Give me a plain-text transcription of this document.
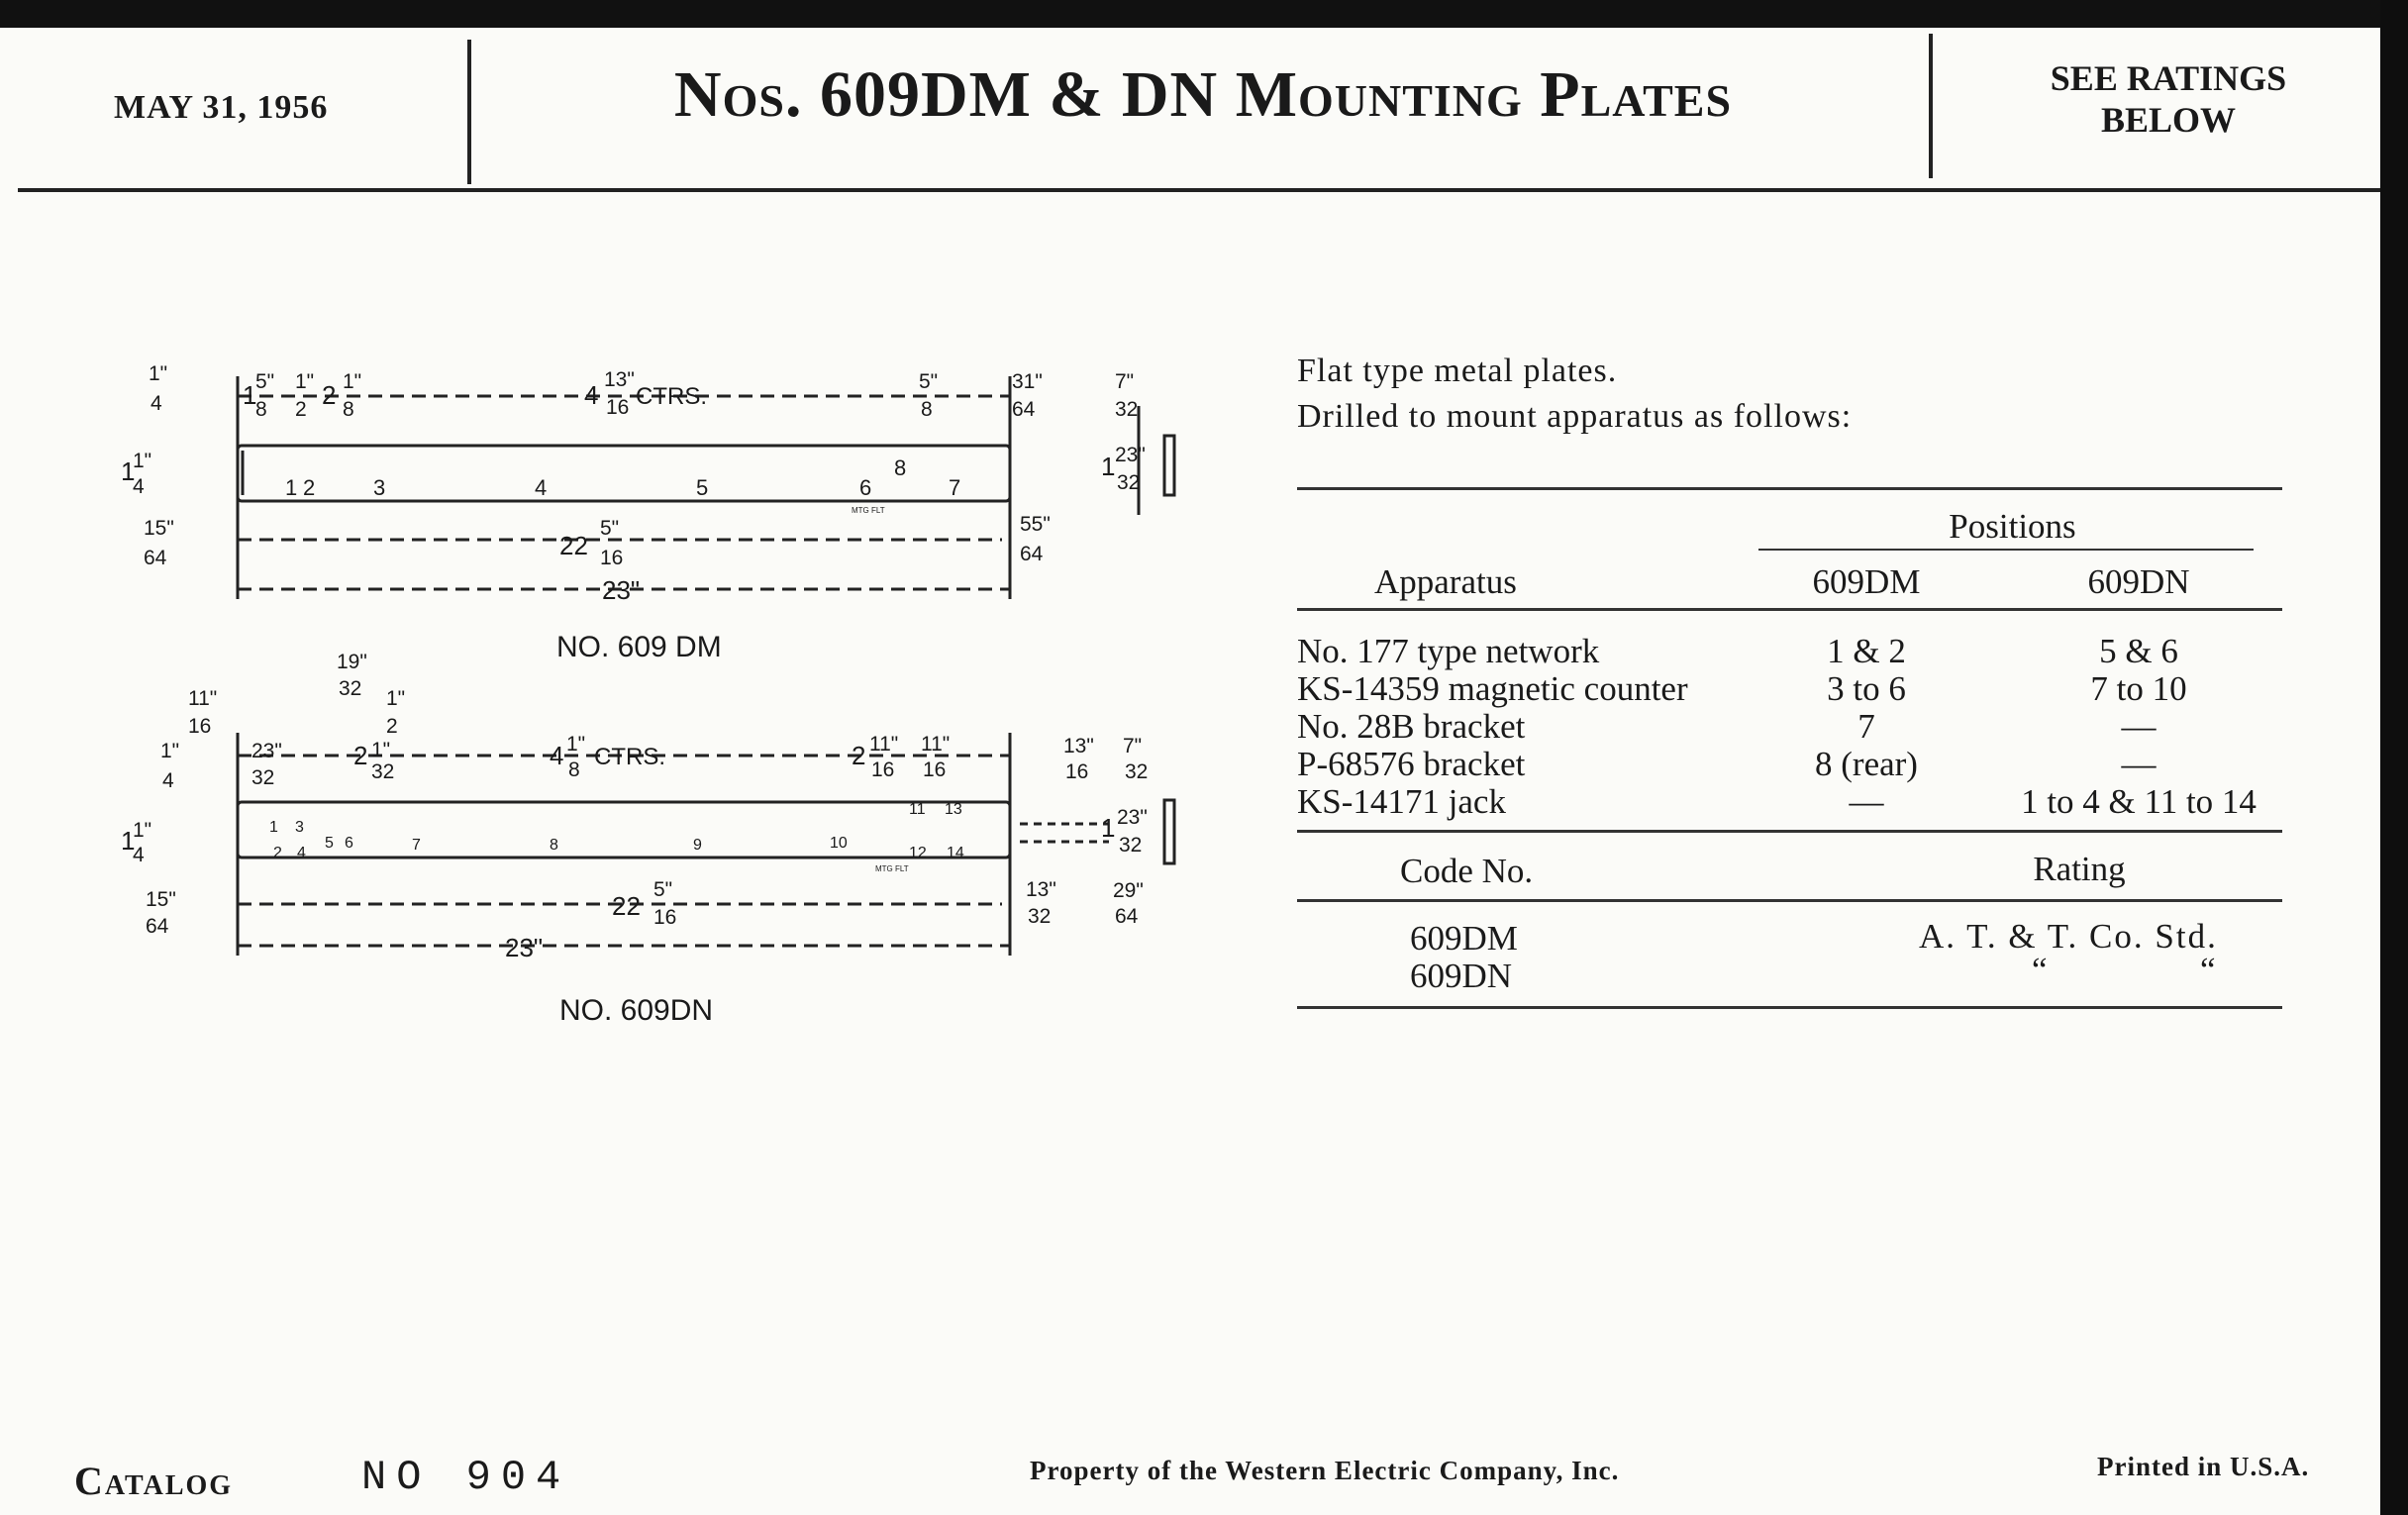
MAY 31, 1956	Nos. 609DM & DN Mounting Plates	SEE RATINGS
BELOW
1"
4
1
1"
4
15"
64
1
5"
8
1"
2 2 1"
8	4
13"
16 CTRS.
5"
8
31"
64
55"
64
7"
32
1 23"
32
22
5"
16
23"
1 2	3	4	5	6	7
8
MTG FLT
NO. 609 DM
11"
16
1"
4
1
1"
4
15"
64
23"
32
19"
32 1"
2
2 1"
32
4 1"
8 CTRS.	2 11"
16
11"
16
13"
16
13"
32
7"
32
1 23"
32
29"
64
22
5"
16
23"
1
2
3
4
5 6	7	8	9	10
11
12
13
14
MTG FLT
NO. 609DN
Flat type metal plates.
Drilled to mount apparatus as follows:
Positions
Apparatus	609DM	609DN
No. 177 type network	1 & 2	5 & 6
KS-14359 magnetic counter	3 to 6	7 to 10
No. 28B bracket	7	—
P-68576 bracket	8 (rear)	—
KS-14171 jack	—	1 to 4 & 11 to 14
Code No.	Rating
609DM	A. T. & T. Co. Std.
609DN	“	“
Catalog	NO 904	Property of the Western Electric Company, Inc.	Printed in U.S.A.
